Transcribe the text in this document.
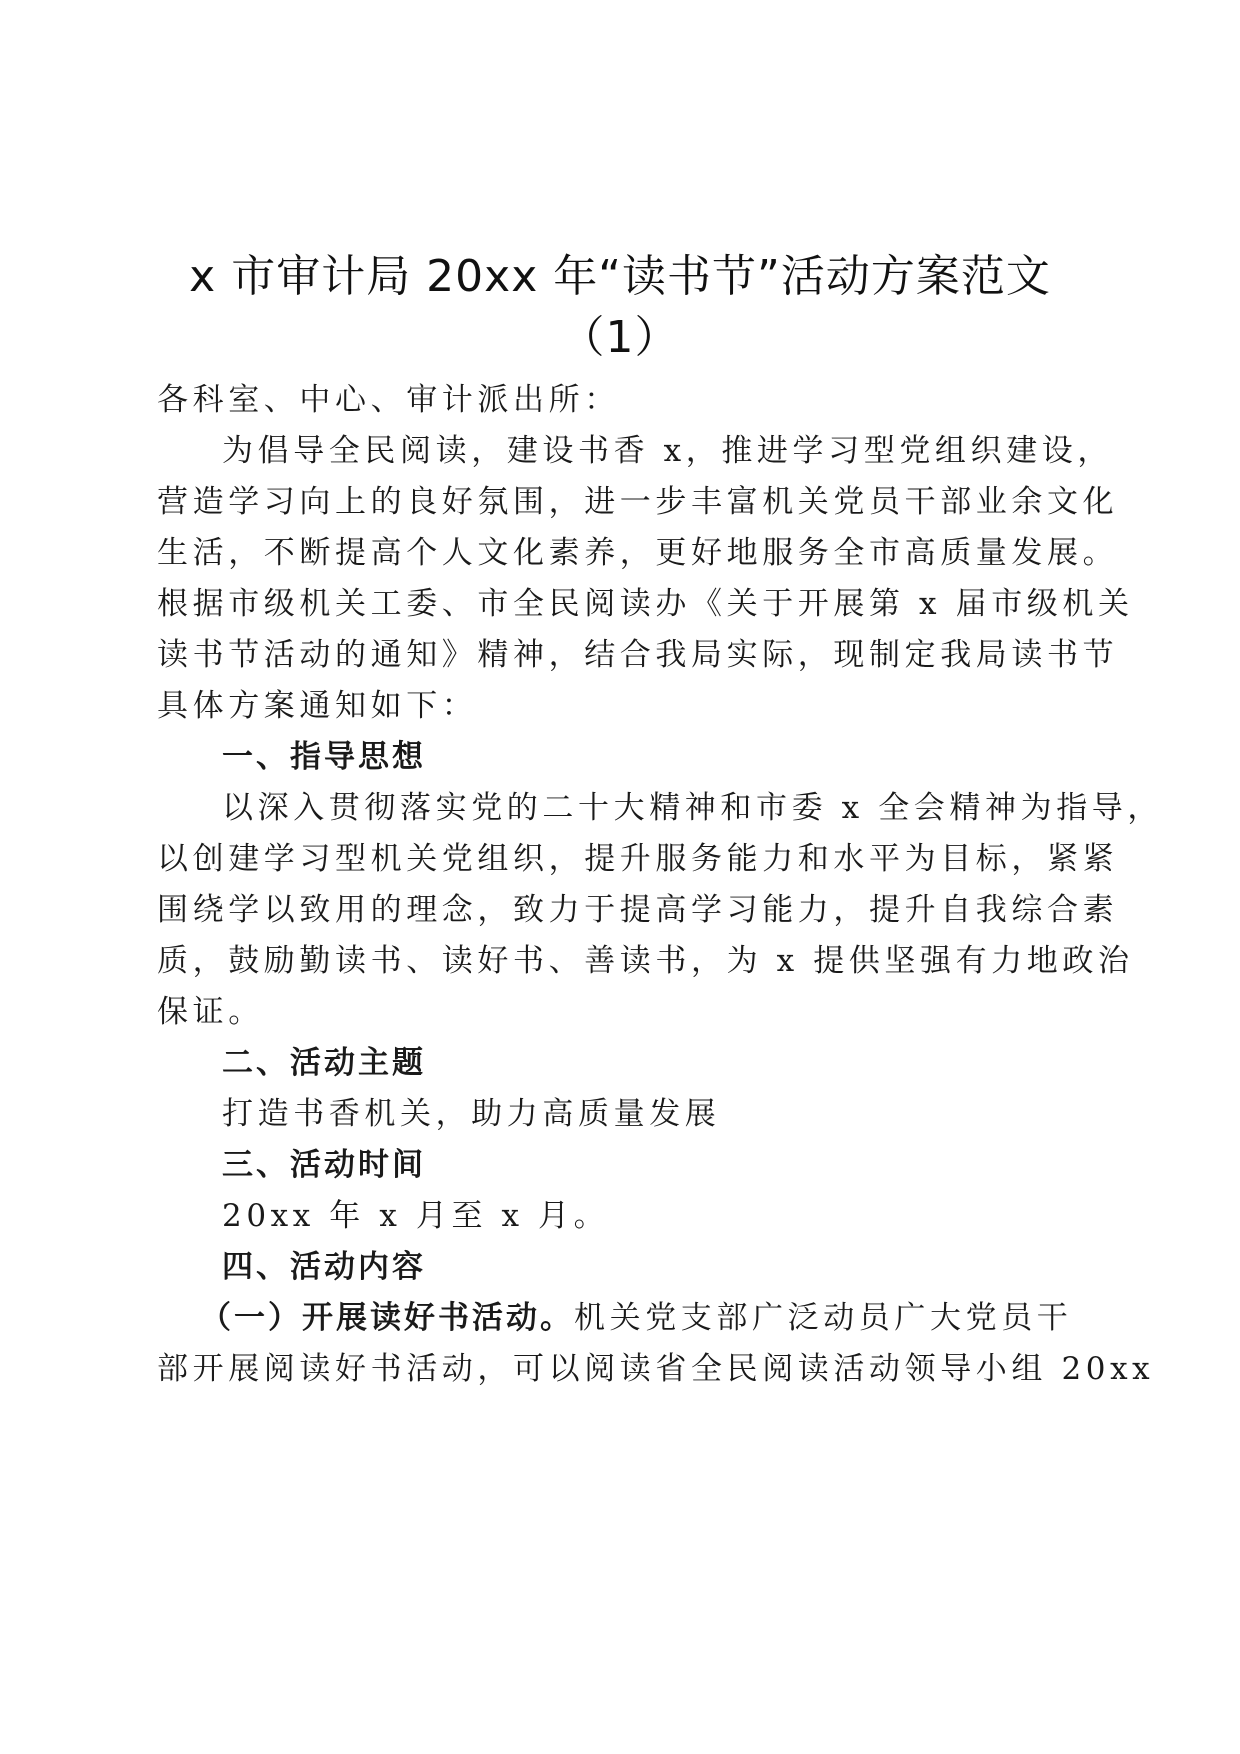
x 市审计局 20xx 年“读书节”活动方案范文
（1）
各科室、中心、审计派出所：
为倡导全民阅读，建设书香 x，推进学习型党组织建设，
营造学习向上的良好氛围，进一步丰富机关党员干部业余文化
生活，不断提高个人文化素养，更好地服务全市高质量发展。
根据市级机关工委、市全民阅读办《关于开展第 x 届市级机关
读书节活动的通知》精神，结合我局实际，现制定我局读书节
具体方案通知如下：
一、指导思想
以深入贯彻落实党的二十大精神和市委 x 全会精神为指导，
以创建学习型机关党组织，提升服务能力和水平为目标，紧紧
围绕学以致用的理念，致力于提高学习能力，提升自我综合素
质，鼓励勤读书、读好书、善读书，为 x 提供坚强有力地政治
保证。
二、活动主题
打造书香机关，助力高质量发展
三、活动时间
20xx 年 x 月至 x 月。
四、活动内容
（一）开展读好书活动。机关党支部广泛动员广大党员干
部开展阅读好书活动，可以阅读省全民阅读活动领导小组 20xx
